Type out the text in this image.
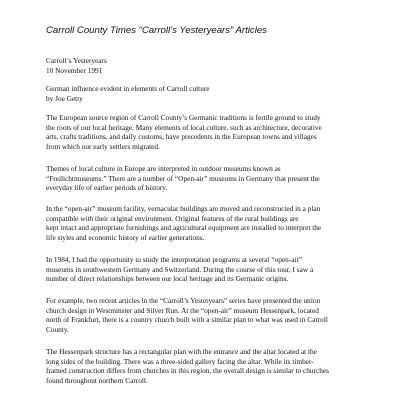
Carroll County Times “Carroll’s Yesteryears” Articles
Carroll’s Yesteryears
10 November 1991
German influence evident in elements of Carroll culture
by Joe Getty
The European source region of Carroll County’s Germanic traditions is fertile ground to study
the roots of our local heritage. Many elements of local culture, such as architecture, decorative
arts, crafts traditions, and daily customs, have precedents in the European towns and villages
from which our early settlers migrated.
Themes of local culture in Europe are interpreted in outdoor museums known as
“Freilichtmuseums.” There are a number of “Open-air” museums in Germany that present the
everyday life of earlier periods of history.
In the “open-air” museum facility, vernacular buildings are moved and reconstructed in a plan
compatible with their original environment. Original features of the rural buildings are
kept intact and appropriate furnishings and agricultural equipment are installed to interpret the
life styles and economic history of earlier generations.
In 1984, I had the opportunity to study the interpretation programs at several “open-air”
museums in southwestern Germany and Switzerland. During the course of this tour, I saw a
number of direct relationships between our local heritage and its Germanic origins.
For example, two recent articles in the “Carroll’s Yesteryears” series have presented the union
church design in Westminster and Silver Run. At the “open-air” museum Hessenpark, located
north of Frankfurt, there is a country church built with a similar plan to what was used in Carroll
County.
The Hessenpark structure has a rectangular plan with the entrance and the altar located at the
long sides of the building. There was a three-sided gallery facing the altar. While its timber-
framed construction differs from churches in this region, the overall design is similar to churches
found throughout northern Carroll.
